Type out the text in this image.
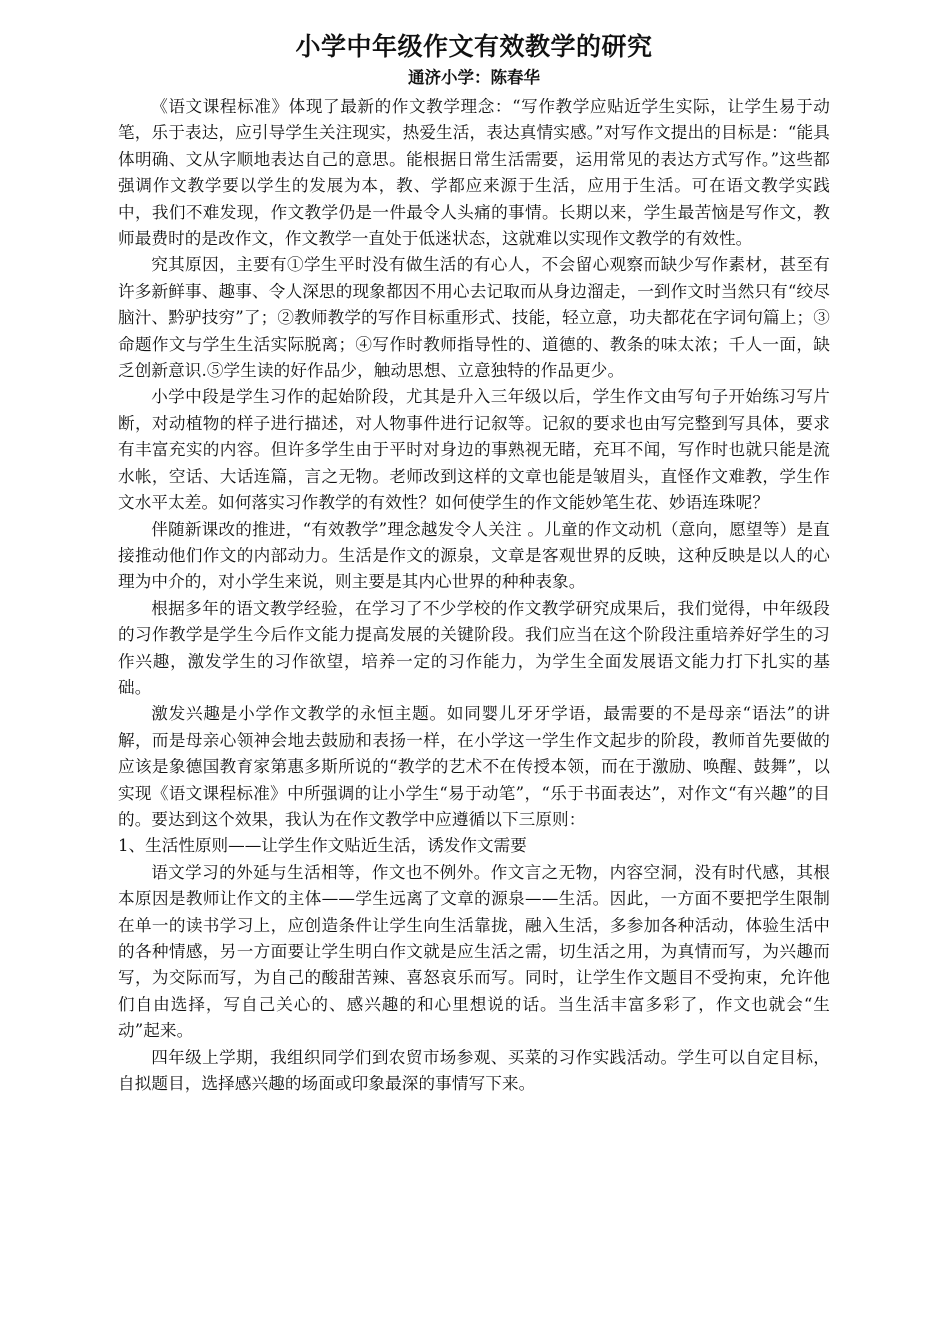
小学中年级作文有效教学的研究
通济小学：陈春华

《语文课程标准》体现了最新的作文教学理念：“写作教学应贴近学生实际，让学生易于动笔，乐于表达，应引导学生关注现实，热爱生活，表达真情实感。”对写作文提出的目标是：“能具体明确、文从字顺地表达自己的意思。能根据日常生活需要，运用常见的表达方式写作。”这些都强调作文教学要以学生的发展为本，教、学都应来源于生活，应用于生活。可在语文教学实践中，我们不难发现，作文教学仍是一件最令人头痛的事情。长期以来，学生最苦恼是写作文，教师最费时的是改作文，作文教学一直处于低迷状态，这就难以实现作文教学的有效性。

究其原因，主要有①学生平时没有做生活的有心人，不会留心观察而缺少写作素材，甚至有许多新鲜事、趣事、令人深思的现象都因不用心去记取而从身边溜走，一到作文时当然只有“绞尽脑汁、黔驴技穷”了；②教师教学的写作目标重形式、技能，轻立意，功夫都花在字词句篇上；③命题作文与学生生活实际脱离；④写作时教师指导性的、道德的、教条的味太浓；千人一面，缺乏创新意识.⑤学生读的好作品少，触动思想、立意独特的作品更少。

小学中段是学生习作的起始阶段，尤其是升入三年级以后，学生作文由写句子开始练习写片断，对动植物的样子进行描述，对人物事件进行记叙等。记叙的要求也由写完整到写具体，要求有丰富充实的内容。但许多学生由于平时对身边的事熟视无睹，充耳不闻，写作时也就只能是流水帐，空话、大话连篇，言之无物。老师改到这样的文章也能是皱眉头，直怪作文难教，学生作文水平太差。如何落实习作教学的有效性？如何使学生的作文能妙笔生花、妙语连珠呢？

伴随新课改的推进，“有效教学”理念越发令人关注 。儿童的作文动机（意向，愿望等）是直接推动他们作文的内部动力。生活是作文的源泉，文章是客观世界的反映，这种反映是以人的心理为中介的，对小学生来说，则主要是其内心世界的种种表象。

根据多年的语文教学经验，在学习了不少学校的作文教学研究成果后，我们觉得，中年级段的习作教学是学生今后作文能力提高发展的关键阶段。我们应当在这个阶段注重培养好学生的习作兴趣，激发学生的习作欲望，培养一定的习作能力，为学生全面发展语文能力打下扎实的基础。

激发兴趣是小学作文教学的永恒主题。如同婴儿牙牙学语，最需要的不是母亲“语法”的讲解，而是母亲心领神会地去鼓励和表扬一样，在小学这一学生作文起步的阶段，教师首先要做的应该是象德国教育家第惠多斯所说的“教学的艺术不在传授本领，而在于激励、唤醒、鼓舞”，以实现《语文课程标准》中所强调的让小学生“易于动笔”，“乐于书面表达”，对作文“有兴趣”的目的。要达到这个效果，我认为在作文教学中应遵循以下三原则：

1、生活性原则——让学生作文贴近生活，诱发作文需要

语文学习的外延与生活相等，作文也不例外。作文言之无物，内容空洞，没有时代感，其根本原因是教师让作文的主体——学生远离了文章的源泉——生活。因此，一方面不要把学生限制在单一的读书学习上，应创造条件让学生向生活靠拢，融入生活，多参加各种活动，体验生活中的各种情感，另一方面要让学生明白作文就是应生活之需，切生活之用，为真情而写，为兴趣而写，为交际而写，为自己的酸甜苦辣、喜怒哀乐而写。同时，让学生作文题目不受拘束，允许他们自由选择，写自己关心的、感兴趣的和心里想说的话。当生活丰富多彩了，作文也就会“生动”起来。

四年级上学期，我组织同学们到农贸市场参观、买菜的习作实践活动。学生可以自定目标，自拟题目，选择感兴趣的场面或印象最深的事情写下来。
